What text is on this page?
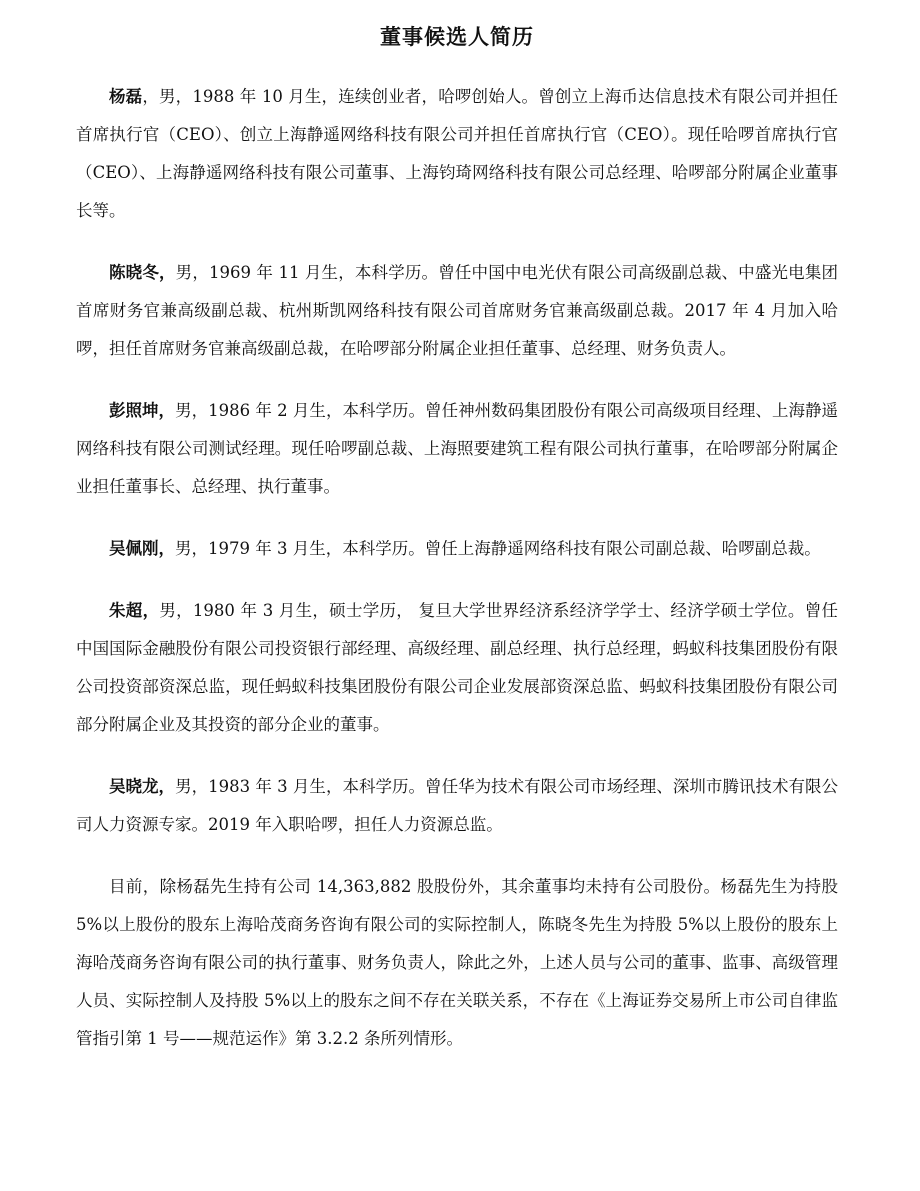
董事候选人简历

杨磊，男，1988 年 10 月生，连续创业者，哈啰创始人。曾创立上海币达信息技术有限公司并担任首席执行官（CEO）、创立上海静遥网络科技有限公司并担任首席执行官（CEO）。现任哈啰首席执行官（CEO）、上海静遥网络科技有限公司董事、上海钧琦网络科技有限公司总经理、哈啰部分附属企业董事长等。

陈晓冬，男，1969 年 11 月生，本科学历。曾任中国中电光伏有限公司高级副总裁、中盛光电集团首席财务官兼高级副总裁、杭州斯凯网络科技有限公司首席财务官兼高级副总裁。2017 年 4 月加入哈啰，担任首席财务官兼高级副总裁，在哈啰部分附属企业担任董事、总经理、财务负责人。

彭照坤，男，1986 年 2 月生，本科学历。曾任神州数码集团股份有限公司高级项目经理、上海静遥网络科技有限公司测试经理。现任哈啰副总裁、上海照要建筑工程有限公司执行董事，在哈啰部分附属企业担任董事长、总经理、执行董事。

吴佩刚，男，1979 年 3 月生，本科学历。曾任上海静遥网络科技有限公司副总裁、哈啰副总裁。

朱超，男，1980 年 3 月生，硕士学历， 复旦大学世界经济系经济学学士、经济学硕士学位。曾任中国国际金融股份有限公司投资银行部经理、高级经理、副总经理、执行总经理，蚂蚁科技集团股份有限公司投资部资深总监，现任蚂蚁科技集团股份有限公司企业发展部资深总监、蚂蚁科技集团股份有限公司部分附属企业及其投资的部分企业的董事。

吴晓龙，男，1983 年 3 月生，本科学历。曾任华为技术有限公司市场经理、深圳市腾讯技术有限公司人力资源专家。2019 年入职哈啰，担任人力资源总监。

目前，除杨磊先生持有公司 14,363,882 股股份外，其余董事均未持有公司股份。杨磊先生为持股 5%以上股份的股东上海哈茂商务咨询有限公司的实际控制人，陈晓冬先生为持股 5%以上股份的股东上海哈茂商务咨询有限公司的执行董事、财务负责人，除此之外，上述人员与公司的董事、监事、高级管理人员、实际控制人及持股 5%以上的股东之间不存在关联关系，不存在《上海证券交易所上市公司自律监管指引第 1 号——规范运作》第 3.2.2 条所列情形。
